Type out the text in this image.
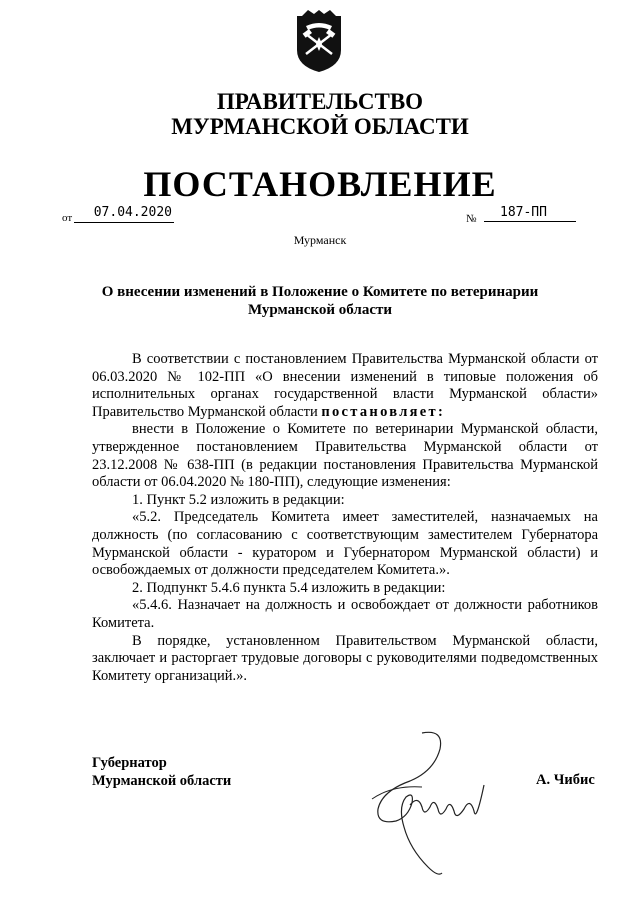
ПРАВИТЕЛЬСТВО
МУРМАНСКОЙ ОБЛАСТИ
ПОСТАНОВЛЕНИЕ
от	07.04.2020	№	187-ПП
Мурманск
О внесении изменений в Положение о Комитете по ветеринарии Мурманской области

В соответствии с постановлением Правительства Мурманской области от 06.03.2020 № 102-ПП «О внесении изменений в типовые положения об исполнительных органах государственной власти Мурманской области» Правительство Мурманской области постановляет:

внести в Положение о Комитете по ветеринарии Мурманской области, утвержденное постановлением Правительства Мурманской области от 23.12.2008 № 638-ПП (в редакции постановления Правительства Мурманской области от 06.04.2020 № 180-ПП), следующие изменения:

1. Пункт 5.2 изложить в редакции:

«5.2. Председатель Комитета имеет заместителей, назначаемых на должность (по согласованию с соответствующим заместителем Губернатора Мурманской области - куратором и Губернатором Мурманской области) и освобождаемых от должности председателем Комитета.».

2. Подпункт 5.4.6 пункта 5.4 изложить в редакции:

«5.4.6. Назначает на должность и освобождает от должности работников Комитета.

В порядке, установленном Правительством Мурманской области, заключает и расторгает трудовые договоры с руководителями подведомственных Комитету организаций.».

Губернатор
Мурманской области	А. Чибис
